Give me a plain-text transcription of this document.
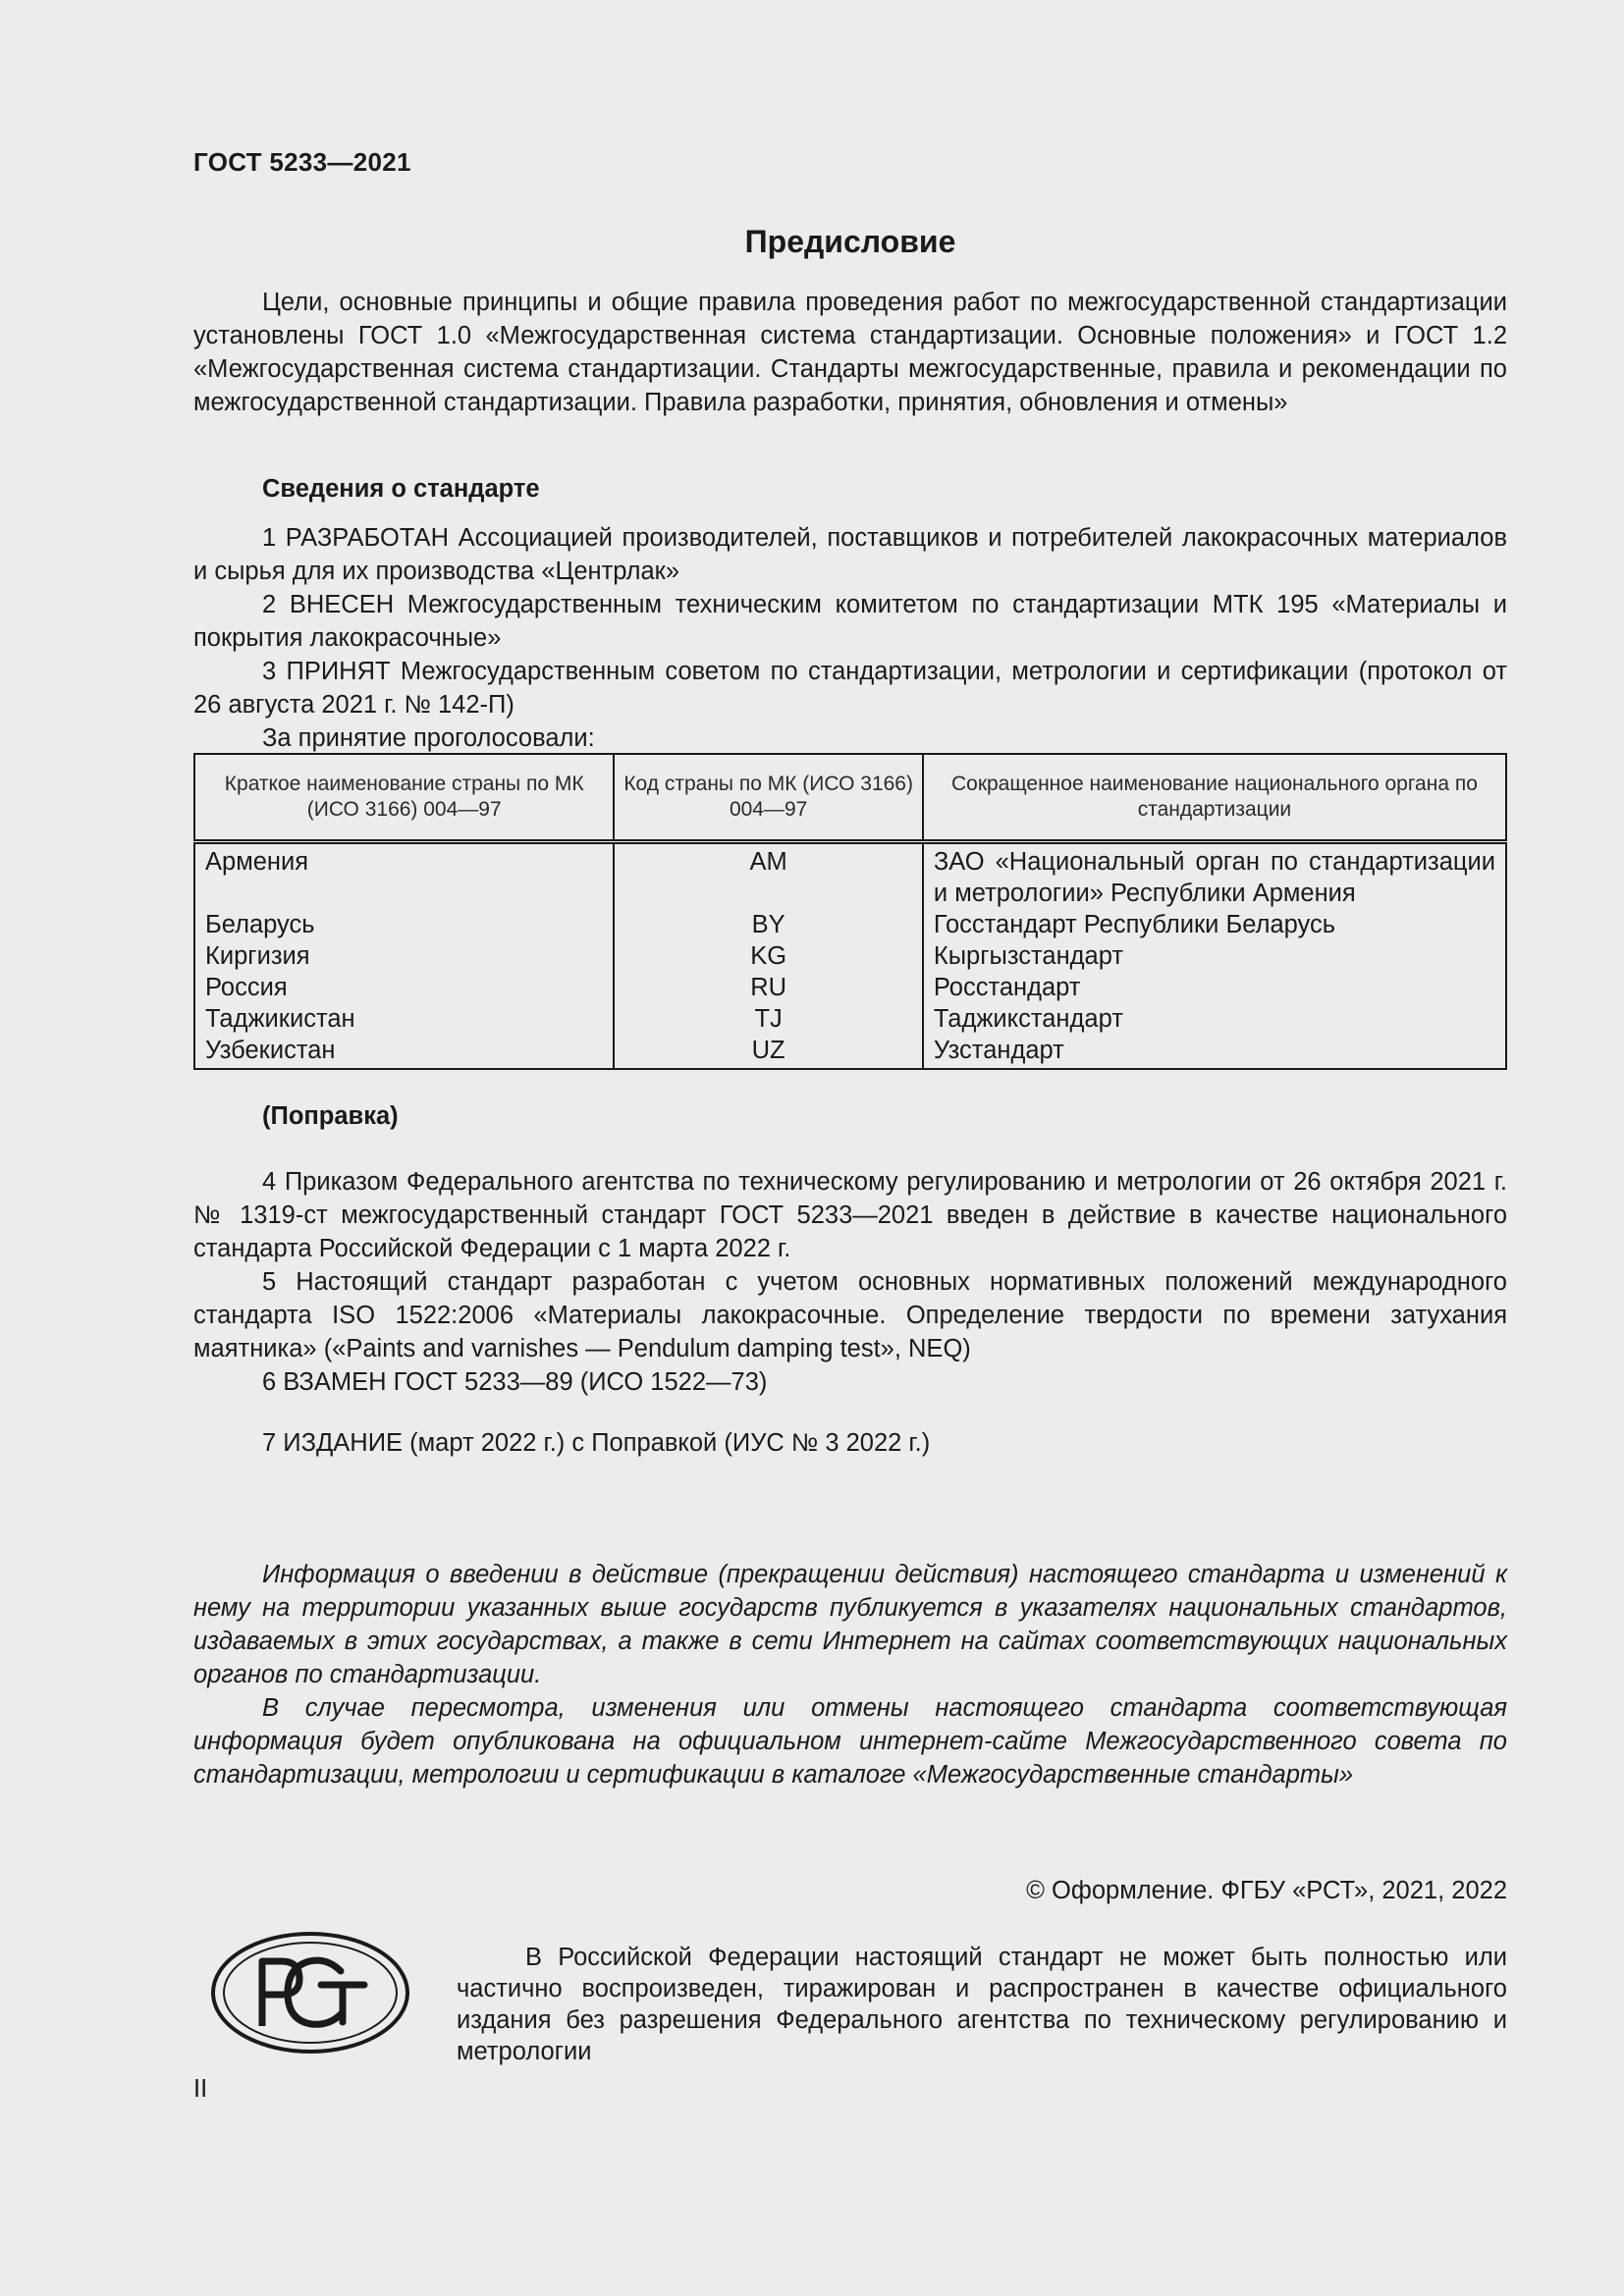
ГОСТ 5233—2021
Предисловие

Цели, основные принципы и общие правила проведения работ по межгосударственной стандартизации установлены ГОСТ 1.0 «Межгосударственная система стандартизации. Основные положения» и ГОСТ 1.2 «Межгосударственная система стандартизации. Стандарты межгосударственные, правила и рекомендации по межгосударственной стандартизации. Правила разработки, принятия, обновления и отмены»

Сведения о стандарте

1 РАЗРАБОТАН Ассоциацией производителей, поставщиков и потребителей лакокрасочных материалов и сырья для их производства «Центрлак»

2 ВНЕСЕН Межгосударственным техническим комитетом по стандартизации МТК 195 «Материалы и покрытия лакокрасочные»

3 ПРИНЯТ Межгосударственным советом по стандартизации, метрологии и сертификации (протокол от 26 августа 2021 г. № 142-П)

За принятие проголосовали:

Краткое наименование страны по МК (ИСО 3166) 004—97	Код страны по МК (ИСО 3166) 004—97	Сокращенное наименование национального органа по стандартизации
Армения	AM	ЗАО «Национальный орган по стандартизации и метрологии» Республики Армения
Беларусь	BY	Госстандарт Республики Беларусь
Киргизия	KG	Кыргызстандарт
Россия	RU	Росстандарт
Таджикистан	TJ	Таджикстандарт
Узбекистан	UZ	Узстандарт

(Поправка)

4 Приказом Федерального агентства по техническому регулированию и метрологии от 26 октября 2021 г. № 1319-ст межгосударственный стандарт ГОСТ 5233—2021 введен в действие в качестве национального стандарта Российской Федерации с 1 марта 2022 г.

5 Настоящий стандарт разработан с учетом основных нормативных положений международного стандарта ISO 1522:2006 «Материалы лакокрасочные. Определение твердости по времени затухания маятника» («Paints and varnishes — Pendulum damping test», NEQ)

6 ВЗАМЕН ГОСТ 5233—89 (ИСО 1522—73)

7 ИЗДАНИЕ (март 2022 г.) с Поправкой (ИУС № 3 2022 г.)

Информация о введении в действие (прекращении действия) настоящего стандарта и изменений к нему на территории указанных выше государств публикуется в указателях национальных стандартов, издаваемых в этих государствах, а также в сети Интернет на сайтах соответствующих национальных органов по стандартизации.

В случае пересмотра, изменения или отмены настоящего стандарта соответствующая информация будет опубликована на официальном интернет-сайте Межгосударственного совета по стандартизации, метрологии и сертификации в каталоге «Межгосударственные стандарты»

© Оформление. ФГБУ «РСТ», 2021, 2022

В Российской Федерации настоящий стандарт не может быть полностью или частично воспроизведен, тиражирован и распространен в качестве официального издания без разрешения Федерального агентства по техническому регулированию и метрологии

II
